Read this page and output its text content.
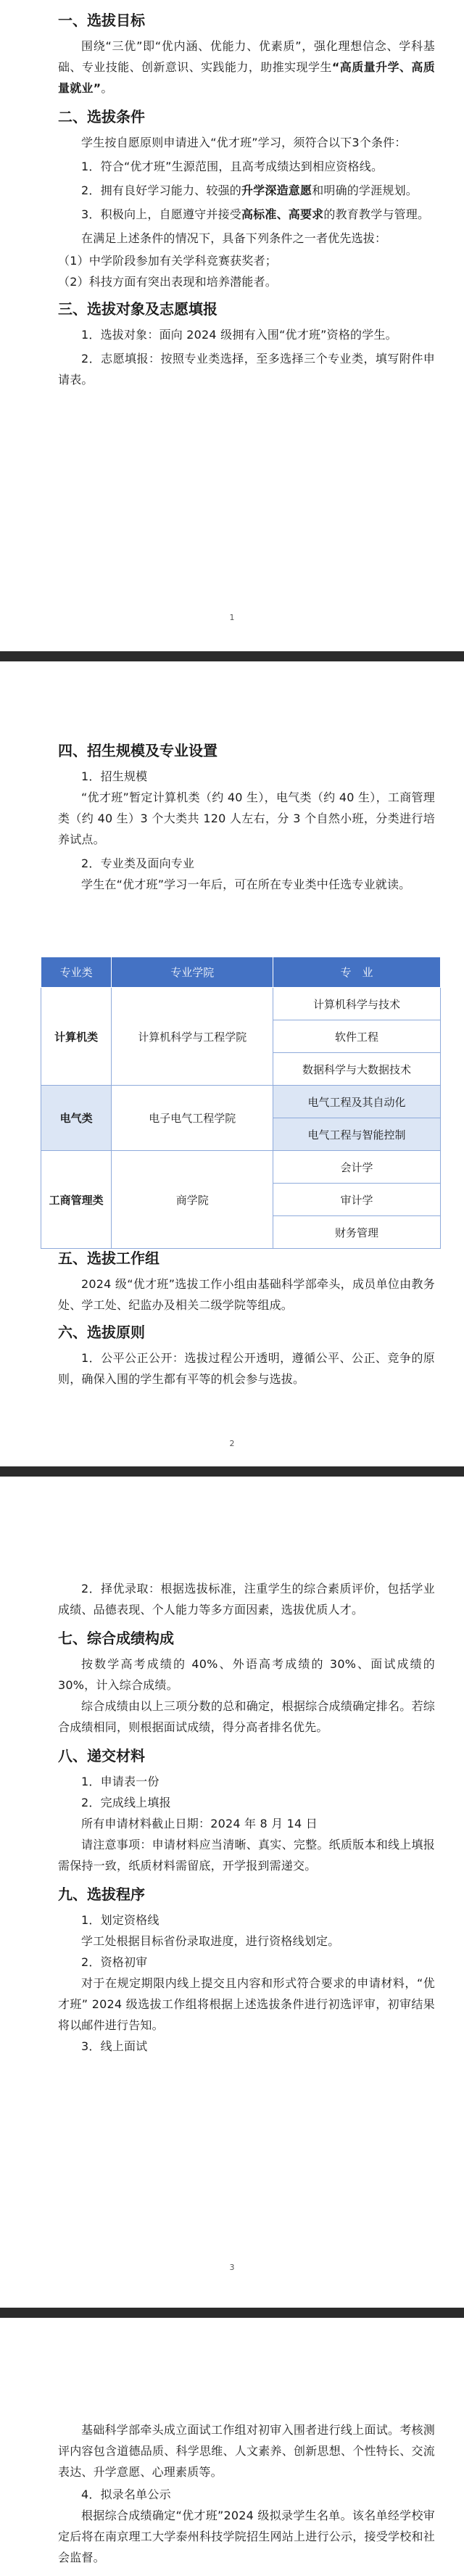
一、选拔目标

围绕“三优”即“优内涵、优能力、优素质”，强化理想信念、学科基础、专业技能、创新意识、实践能力，助推实现学生“高质量升学、高质量就业”。

二、选拔条件

学生按自愿原则申请进入“优才班”学习，须符合以下3个条件：

1．符合“优才班”生源范围，且高考成绩达到相应资格线。

2．拥有良好学习能力、较强的升学深造意愿和明确的学涯规划。

3．积极向上，自愿遵守并接受高标准、高要求的教育教学与管理。

在满足上述条件的情况下，具备下列条件之一者优先选拔：

（1）中学阶段参加有关学科竞赛获奖者；

（2）科技方面有突出表现和培养潜能者。

三、选拔对象及志愿填报

1．选拔对象：面向 2024 级拥有入围“优才班”资格的学生。

2．志愿填报：按照专业类选择，至多选择三个专业类，填写附件申请表。

1

四、招生规模及专业设置

1．招生规模

“优才班”暂定计算机类（约 40 生），电气类（约 40 生），工商管理类（约 40 生）3 个大类共 120 人左右，分 3 个自然小班，分类进行培养试点。

2．专业类及面向专业

学生在“优才班”学习一年后，可在所在专业类中任选专业就读。

专业类	专业学院	专　业
计算机类	计算机科学与工程学院	计算机科学与技术
		软件工程
		数据科学与大数据技术
电气类	电子电气工程学院	电气工程及其自动化
		电气工程与智能控制
工商管理类	商学院	会计学
		审计学
		财务管理

五、选拔工作组

2024 级“优才班”选拔工作小组由基础科学部牵头，成员单位由教务处、学工处、纪监办及相关二级学院等组成。

六、选拔原则

1．公平公正公开：选拔过程公开透明，遵循公平、公正、竞争的原则，确保入围的学生都有平等的机会参与选拔。

2

2．择优录取：根据选拔标准，注重学生的综合素质评价，包括学业成绩、品德表现、个人能力等多方面因素，选拔优质人才。

七、综合成绩构成

按数学高考成绩的 40%、外语高考成绩的 30%、面试成绩的 30%，计入综合成绩。

综合成绩由以上三项分数的总和确定，根据综合成绩确定排名。若综合成绩相同，则根据面试成绩，得分高者排名优先。

八、递交材料

1．申请表一份

2．完成线上填报

所有申请材料截止日期：2024 年 8 月 14 日

请注意事项：申请材料应当清晰、真实、完整。纸质版本和线上填报需保持一致，纸质材料需留底，开学报到需递交。

九、选拔程序

1．划定资格线

学工处根据目标省份录取进度，进行资格线划定。

2．资格初审

对于在规定期限内线上提交且内容和形式符合要求的申请材料，“优才班” 2024 级选拔工作组将根据上述选拔条件进行初选评审，初审结果将以邮件进行告知。

3．线上面试

3

基础科学部牵头成立面试工作组对初审入围者进行线上面试。考核测评内容包含道德品质、科学思维、人文素养、创新思想、个性特长、交流表达、升学意愿、心理素质等。

4．拟录名单公示

根据综合成绩确定“优才班”2024 级拟录学生名单。该名单经学校审定后将在南京理工大学泰州科技学院招生网站上进行公示，接受学校和社会监督。
